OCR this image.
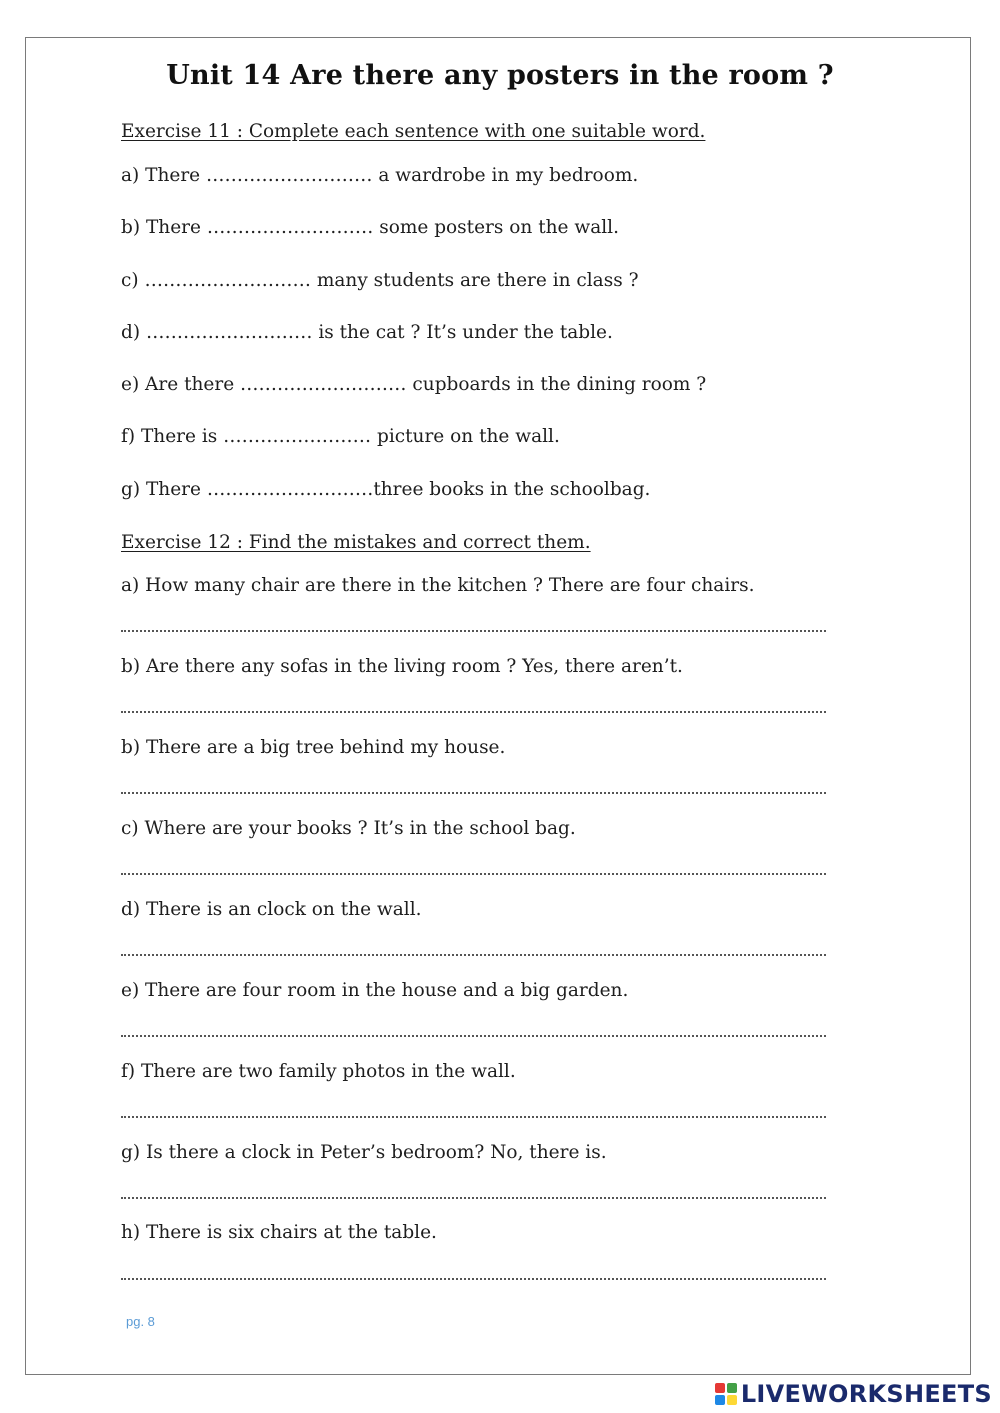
Unit 14 Are there any posters in the room ?
Exercise 11 : Complete each sentence with one suitable word.
a) There ……………………… a wardrobe in my bedroom.
b) There ……………………… some posters on the wall.
c) ……………………… many students are there in class ?
d) ……………………… is the cat ? It’s under the table.
e) Are there ……………………… cupboards in the dining room ?
f) There is …………………… picture on the wall.
g) There ………………………three books in the schoolbag.
Exercise 12 : Find the mistakes and correct them.
a) How many chair are there in the kitchen ? There are four chairs.
b) Are there any sofas in the living room ? Yes, there aren’t.
b) There are a big tree behind my house.
c) Where are your books ? It’s in the school bag.
d) There is an clock on the wall.
e) There are four room in the house and a big garden.
f) There are two family photos in the wall.
g) Is there a clock in Peter’s bedroom? No, there is.
h) There is six chairs at the table.
pg. 8
LIVEWORKSHEETS
